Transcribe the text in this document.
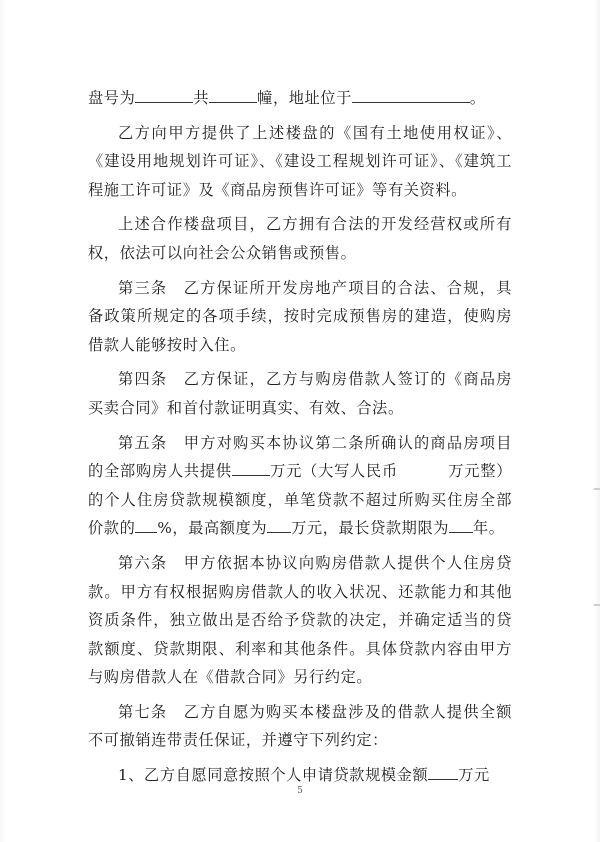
盘号为	共	幢，地址位于	。

乙方向甲方提供了上述楼盘的《国有土地使用权证》、《建设用地规划许可证》、《建设工程规划许可证》、《建筑工程施工许可证》及《商品房预售许可证》等有关资料。

上述合作楼盘项目，乙方拥有合法的开发经营权或所有权，依法可以向社会公众销售或预售。

第三条　乙方保证所开发房地产项目的合法、合规，具备政策所规定的各项手续，按时完成预售房的建造，使购房借款人能够按时入住。

第四条　乙方保证，乙方与购房借款人签订的《商品房买卖合同》和首付款证明真实、有效、合法。

第五条　甲方对购买本协议第二条所确认的商品房项目的全部购房人共提供	万元（大写人民币	万元整）的个人住房贷款规模额度，单笔贷款不超过所购买住房全部价款的 %，最高额度为 万元，最长贷款期限为 年。

第六条　甲方依据本协议向购房借款人提供个人住房贷款。甲方有权根据购房借款人的收入状况、还款能力和其他资质条件，独立做出是否给予贷款的决定，并确定适当的贷款额度、贷款期限、利率和其他条件。具体贷款内容由甲方与购房借款人在《借款合同》另行约定。

第七条　乙方自愿为购买本楼盘涉及的借款人提供全额不可撤销连带责任保证，并遵守下列约定：

1、乙方自愿同意按照个人申请贷款规模金额 万元

5
